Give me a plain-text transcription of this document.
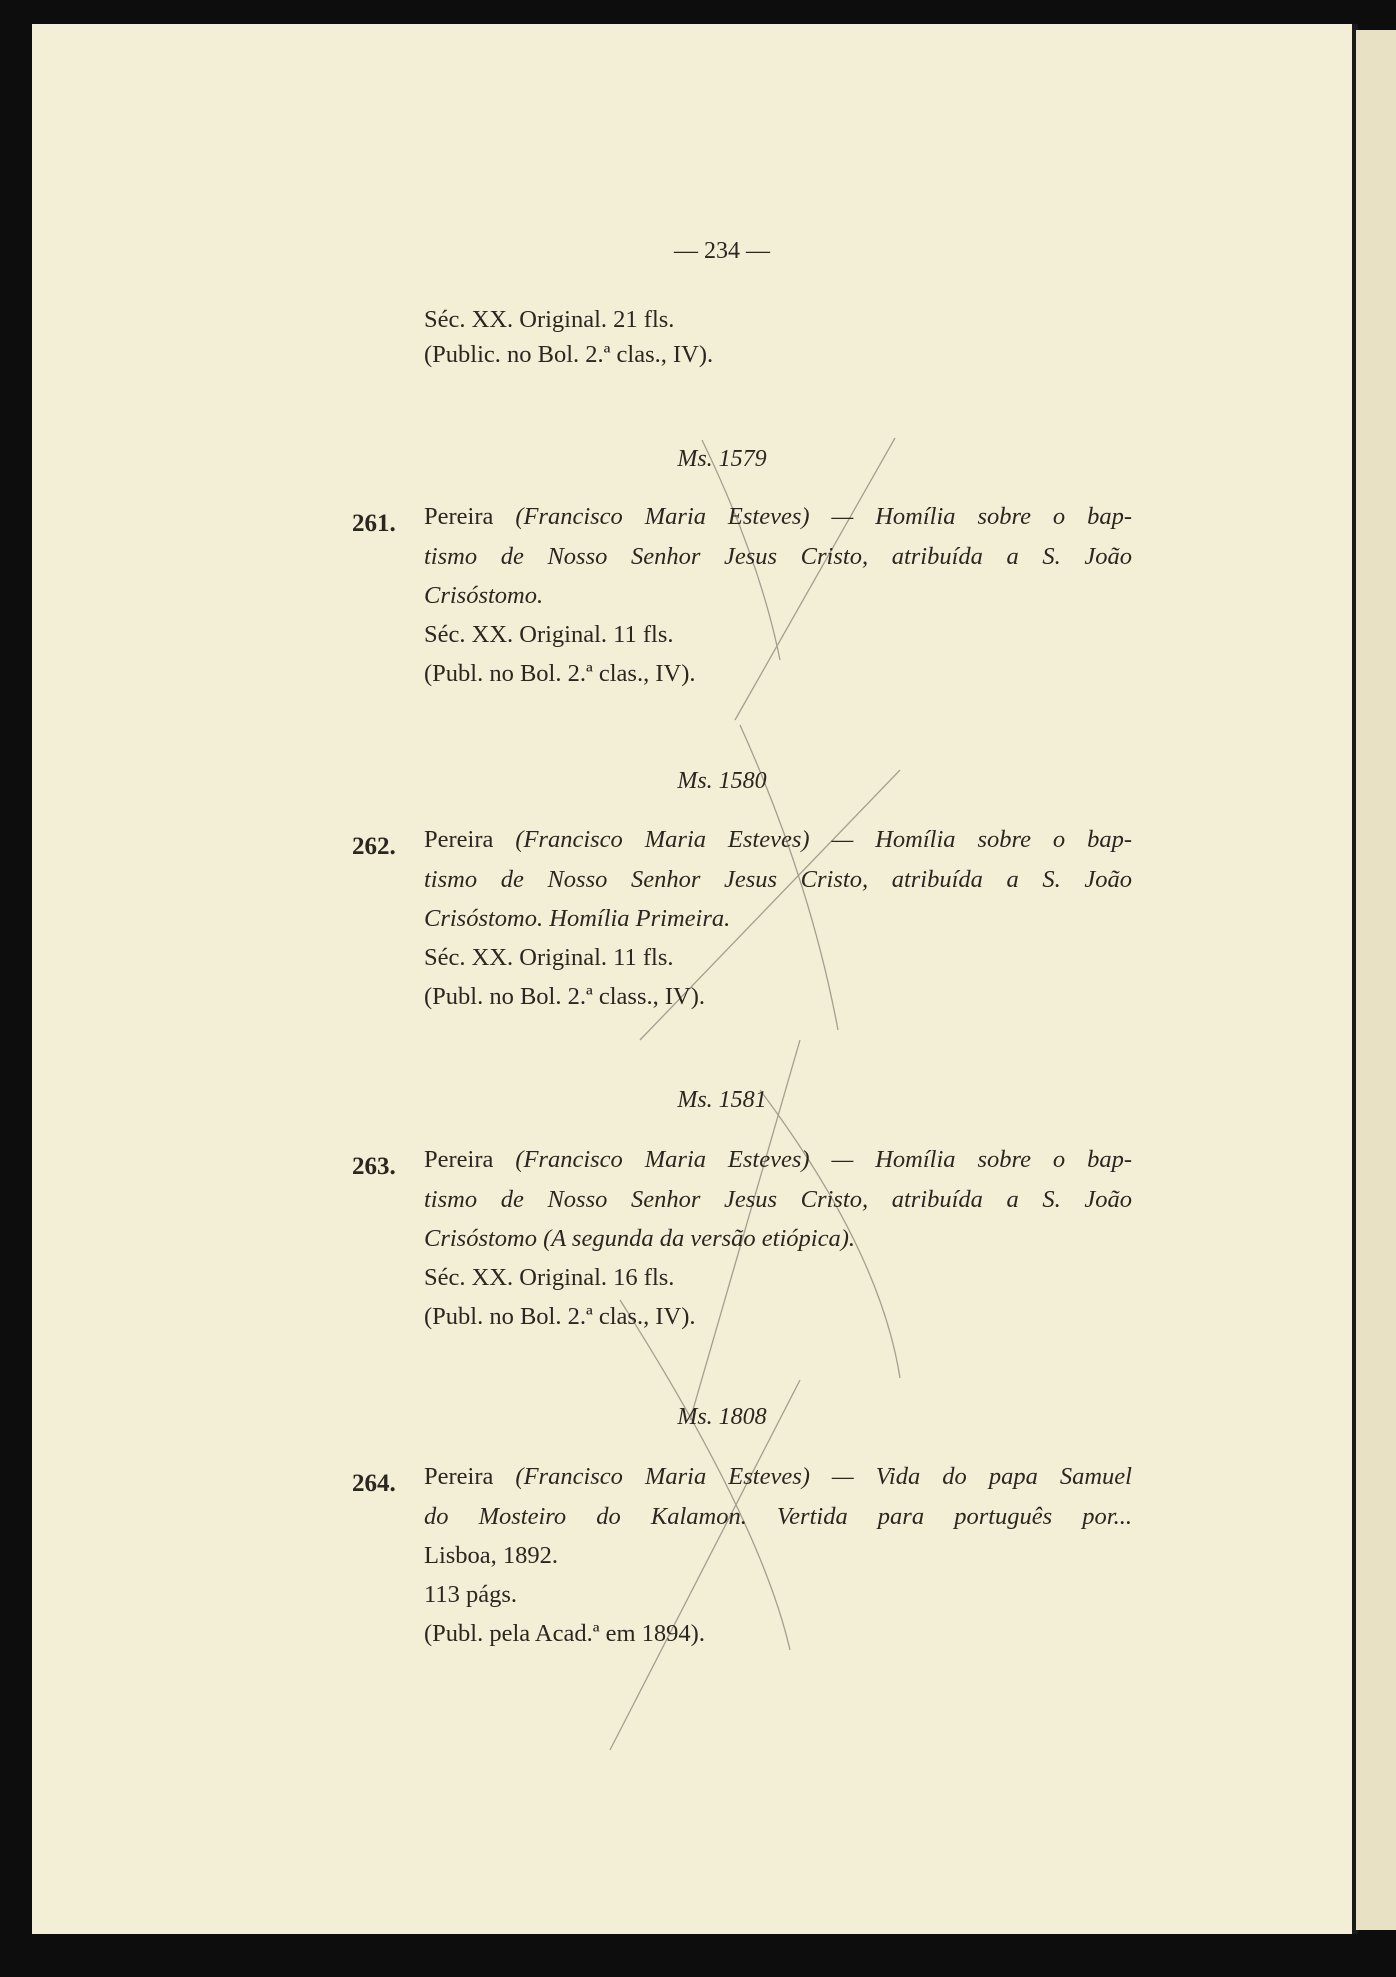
— 234 —
Séc. XX. Original. 21 fls.
(Public. no Bol. 2.ª clas., IV).
Ms. 1579
261. Pereira (Francisco Maria Esteves) — Homília sobre o bap-
tismo de Nosso Senhor Jesus Cristo, atribuída a S. João
Crisóstomo.
Séc. XX. Original. 11 fls.
(Publ. no Bol. 2.ª clas., IV).
Ms. 1580
262. Pereira (Francisco Maria Esteves) — Homília sobre o bap-
tismo de Nosso Senhor Jesus Cristo, atribuída a S. João
Crisóstomo. Homília Primeira.
Séc. XX. Original. 11 fls.
(Publ. no Bol. 2.ª class., IV).
Ms. 1581
263. Pereira (Francisco Maria Esteves) — Homília sobre o bap-
tismo de Nosso Senhor Jesus Cristo, atribuída a S. João
Crisóstomo (A segunda da versão etiópica).
Séc. XX. Original. 16 fls.
(Publ. no Bol. 2.ª clas., IV).
Ms. 1808
264. Pereira (Francisco Maria Esteves) — Vida do papa Samuel
do Mosteiro do Kalamon. Vertida para português por...
Lisboa, 1892.
113 págs.
(Publ. pela Acad.ª em 1894).
